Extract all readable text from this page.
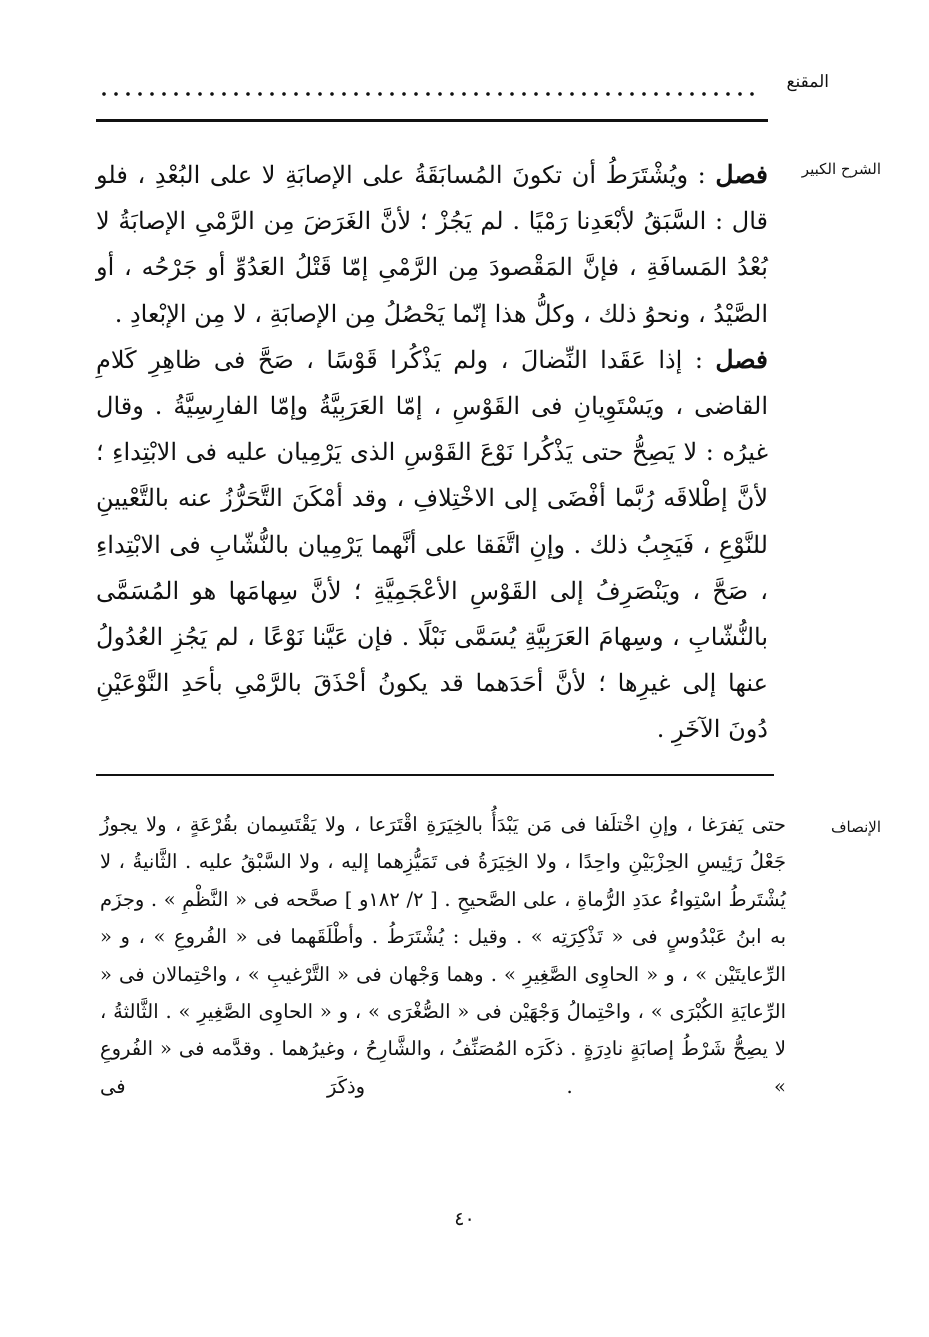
المقنع
الشرح الكبير

فصل : ويُشْتَرَطُ أن تكونَ المُسابَقَةُ على الإصابَةِ لا على البُعْدِ ، فلو قال : السَّبَقُ لأبْعَدِنا رَمْيًا . لم يَجُزْ ؛ لأنَّ الغَرَضَ مِن الرَّمْىِ الإصابَةُ لا بُعْدُ المَسافَةِ ، فإنَّ المَقْصودَ مِن الرَّمْىِ إمّا قَتْلُ العَدُوِّ أو جَرْحُه ، أو الصَّيْدُ ، ونحوُ ذلك ، وكلُّ هذا إنّما يَحْصُلُ مِن الإصابَةِ ، لا مِن الإبْعادِ .

فصل : إذا عَقَدا النِّضالَ ، ولم يَذْكُرا قَوْسًا ، صَحَّ فى ظاهِرِ كَلامِ القاضى ، ويَسْتَوِيانِ فى القَوْسِ ، إمّا العَرَبِيَّةُ وإمّا الفارِسِيَّةُ . وقال غيرُه : لا يَصِحُّ حتى يَذْكُرا نَوْعَ القَوْسِ الذى يَرْمِيان عليه فى الابْتِداءِ ؛ لأنَّ إطْلاقَه رُبَّما أفْضَى إلى الاخْتِلافِ ، وقد أمْكَنَ التَّحَرُّزُ عنه بالتَّعْيينِ للنَّوْعِ ، فَيَجِبُ ذلك . وإنِ اتَّفَقا على أنَّهما يَرْمِيان بالنُّشّابِ فى الابْتِداءِ ، صَحَّ ، ويَنْصَرِفُ إلى القَوْسِ الأعْجَمِيَّةِ ؛ لأنَّ سِهامَها هو المُسَمَّى بالنُّشّابِ ، وسِهامَ العَرَبِيَّةِ يُسَمَّى نَبْلًا . فإن عَيَّنا نَوْعًا ، لم يَجُزِ العُدُولُ عنها إلى غيرِها ؛ لأنَّ أحَدَهما قد يكونُ أحْذَقَ بالرَّمْىِ بأحَدِ النَّوْعَيْنِ دُونَ الآخَرِ .

الإنصاف

حتى يَفرَغا ، وإنِ اخْتلَفا فى مَن يَبْدَأُ بالخِيَرَةِ اقْتَرَعا ، ولا يَقْتَسِمان بقُرْعَةٍ ، ولا يجوزُ جَعْلُ رَئِيسِ الحِزْبَيْنِ واحِدًا ، ولا الخِيَرَةُ فى تَمَيُّزِهما إليه ، ولا السَّبْقُ عليه . الثَّانيةُ ، لا يُشْتَرطُ اسْتِواءُ عدَدِ الرُّماةِ ، على الصَّحيحِ . [ ٢/ ١٨٢و ] صحَّحه فى « النَّظْمِ » . وجزَم به ابنُ عَبْدُوسٍ فى « تَذْكِرَتِه » . وقيل : يُشْتَرَطُ . وأطْلَقَهما فى « الفُروعِ » ، و « الرِّعايتَيْن » ، و « الحاوِى الصَّغِيرِ » . وهما وَجْهان فى « التَّرْغيبِ » ، واحْتِمالان فى « الرِّعايَةِ الكُبْرَى » ، واحْتِمالُ وَجْهَيْن فى « الصُّغْرَى » ، و « الحاوِى الصَّغِيرِ » . الثَّالثةُ ، لا يصِحُّ شَرْطُ إصابَةٍ نادِرَةٍ . ذكَرَه المُصَنِّفُ ، والشَّارِحُ ، وغيرُهما . وقدَّمه فى « الفُروعِ » . وذكَرَ فى

٤٠
